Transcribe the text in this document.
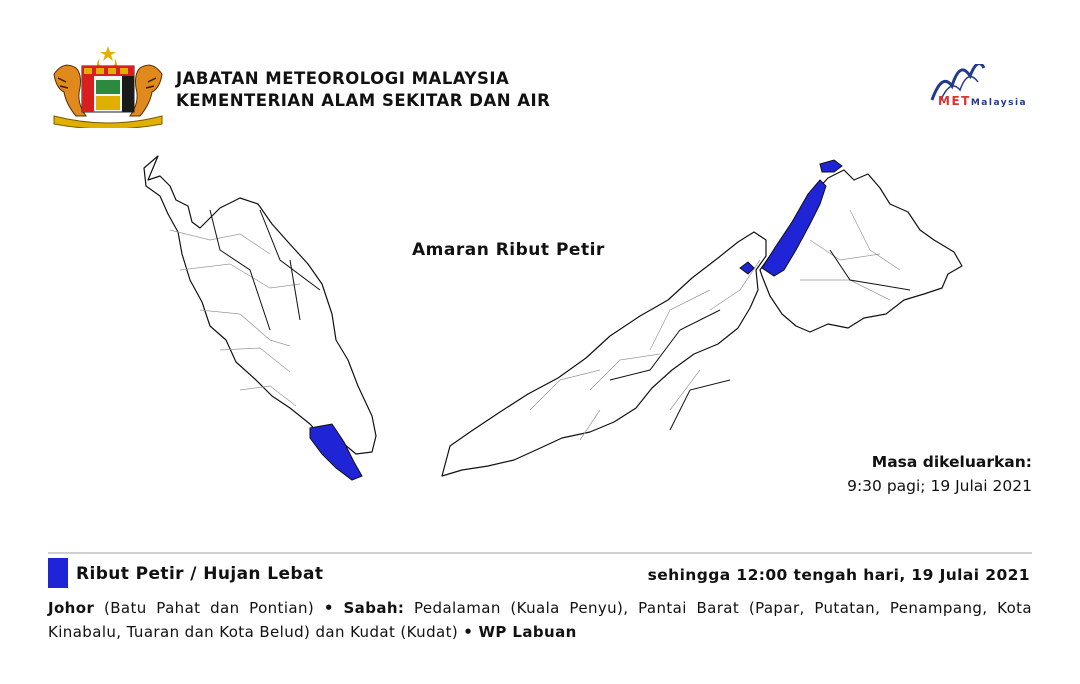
JABATAN METEOROLOGI MALAYSIA
KEMENTERIAN ALAM SEKITAR DAN AIR	METMalaysia
Amaran Ribut Petir
Masa dikeluarkan:
9:30 pagi; 19 Julai 2021
Ribut Petir / Hujan Lebat	sehingga 12:00 tengah hari, 19 Julai 2021
Johor (Batu Pahat dan Pontian) • Sabah: Pedalaman (Kuala Penyu), Pantai Barat (Papar, Putatan, Penampang, Kota Kinabalu, Tuaran dan Kota Belud) dan Kudat (Kudat) • WP Labuan
